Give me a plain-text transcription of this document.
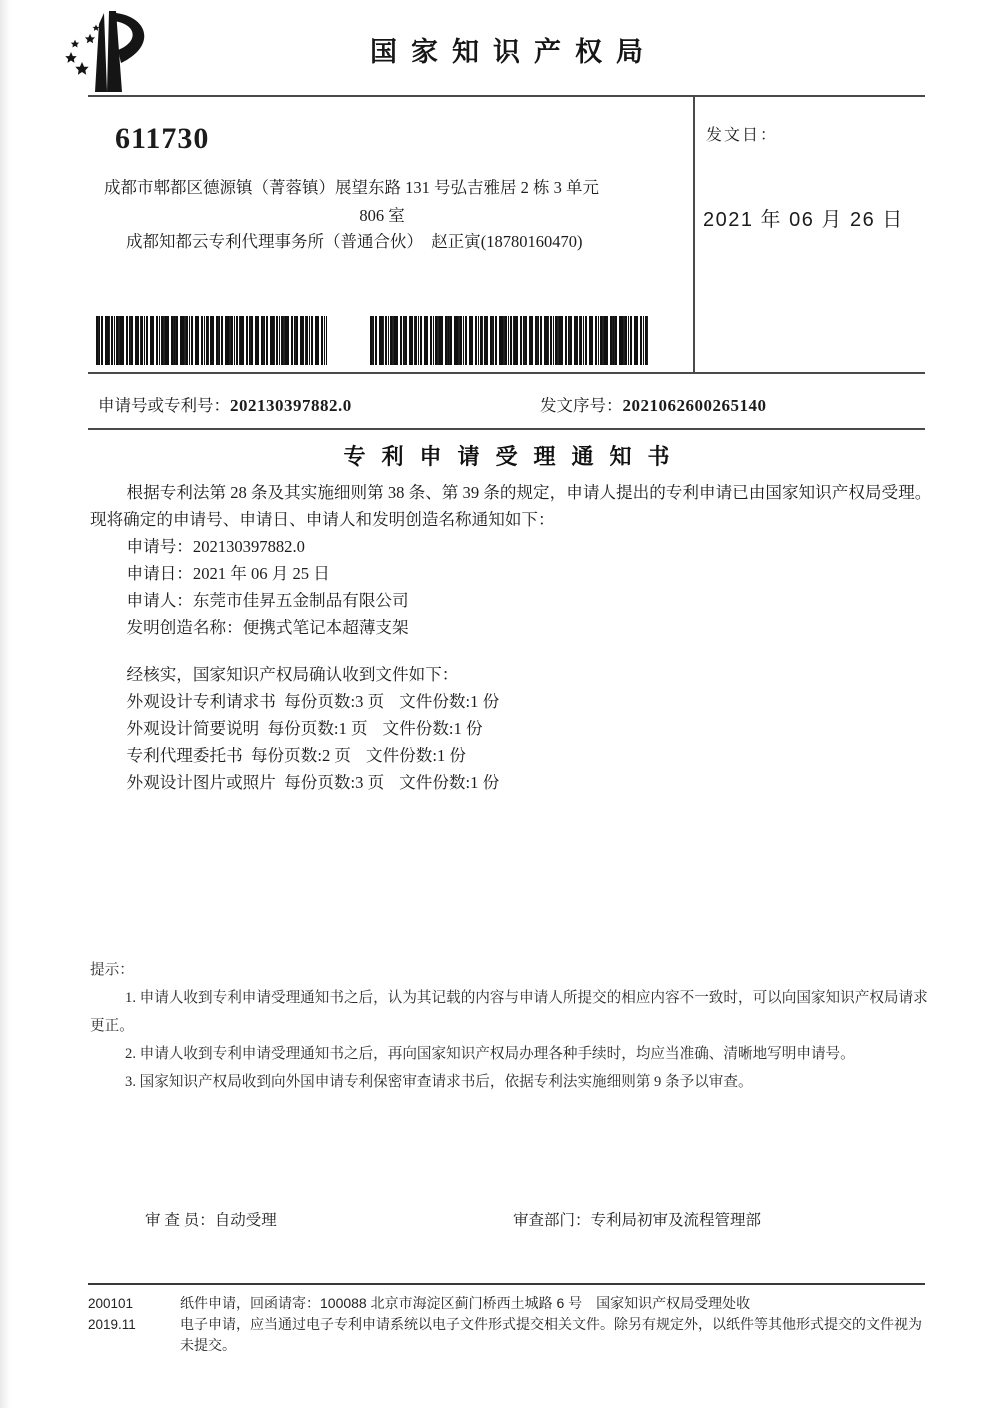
国家知识产权局
611730
成都市郫都区德源镇（菁蓉镇）展望东路 131 号弘吉雅居 2 栋 3 单元
806 室
成都知都云专利代理事务所（普通合伙）　赵正寅(18780160470)
发文日：
2021 年 06 月 26 日
申请号或专利号：202130397882.0	发文序号：2021062600265140
专利申请受理通知书

根据专利法第 28 条及其实施细则第 38 条、第 39 条的规定，申请人提出的专利申请已由国家知识产权局受理。现将确定的申请号、申请日、申请人和发明创造名称通知如下：

申请号：202130397882.0
申请日：2021 年 06 月 25 日
申请人：东莞市佳昇五金制品有限公司
发明创造名称：便携式笔记本超薄支架
经核实，国家知识产权局确认收到文件如下：
外观设计专利请求书 每份页数:3 页 文件份数:1 份
外观设计简要说明 每份页数:1 页 文件份数:1 份
专利代理委托书 每份页数:2 页 文件份数:1 份
外观设计图片或照片 每份页数:3 页 文件份数:1 份

提示：

1. 申请人收到专利申请受理通知书之后，认为其记载的内容与申请人所提交的相应内容不一致时，可以向国家知识产权局请求更正。

2. 申请人收到专利申请受理通知书之后，再向国家知识产权局办理各种手续时，均应当准确、清晰地写明申请号。

3. 国家知识产权局收到向外国申请专利保密审查请求书后，依据专利法实施细则第 9 条予以审查。

审 查 员：自动受理	审查部门：专利局初审及流程管理部
200101
2019.11
纸件申请，回函请寄：100088 北京市海淀区蓟门桥西土城路 6 号　国家知识产权局受理处收
电子申请，应当通过电子专利申请系统以电子文件形式提交相关文件。除另有规定外，以纸件等其他形式提交的文件视为未提交。
